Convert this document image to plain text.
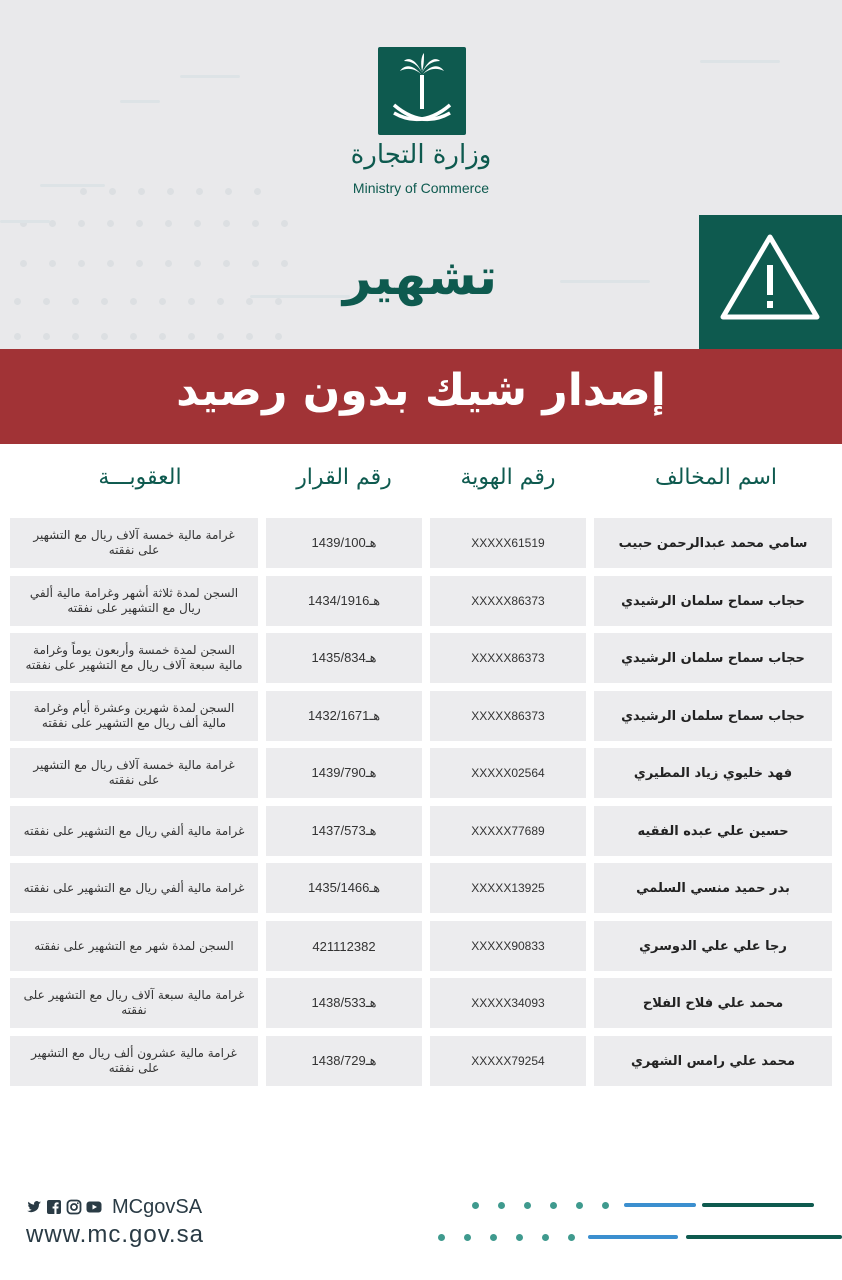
وزارة التجارة
Ministry of Commerce
تشهير
إصدار شيك بدون رصيد
اسم المخالف
رقم الهوية
رقم القرار
العقوبـــة
سامي محمد عبدالرحمن حبيب
XXXXX61519
1439/100هـ
غرامة مالية خمسة آلاف ريال مع التشهير على نفقته
حجاب سماح سلمان الرشيدي
XXXXX86373
1434/1916هـ
السجن لمدة ثلاثة أشهر وغرامة مالية ألفي ريال مع التشهير على نفقته
حجاب سماح سلمان الرشيدي
XXXXX86373
1435/834هـ
السجن لمدة خمسة وأربعون يوماً وغرامة مالية سبعة آلاف ريال مع التشهير على نفقته
حجاب سماح سلمان الرشيدي
XXXXX86373
1432/1671هـ
السجن لمدة شهرين وعشرة أيام وغرامة مالية ألف ريال مع التشهير على نفقته
فهد خليوي زياد المطيري
XXXXX02564
1439/790هـ
غرامة مالية خمسة آلاف ريال مع التشهير على نفقته
حسين علي عبده الفقيه
XXXXX77689
1437/573هـ
غرامة مالية ألفي ريال مع التشهير على نفقته
بدر حميد منسي السلمي
XXXXX13925
1435/1466هـ
غرامة مالية ألفي ريال مع التشهير على نفقته
رجا علي علي الدوسري
XXXXX90833
421112382
السجن لمدة شهر مع التشهير على نفقته
محمد علي فلاح الفلاح
XXXXX34093
1438/533هـ
غرامة مالية سبعة آلاف ريال مع التشهير على نفقته
محمد علي رامس الشهري
XXXXX79254
1438/729هـ
غرامة مالية عشرون ألف ريال مع التشهير على نفقته
MCgovSA
www.mc.gov.sa
